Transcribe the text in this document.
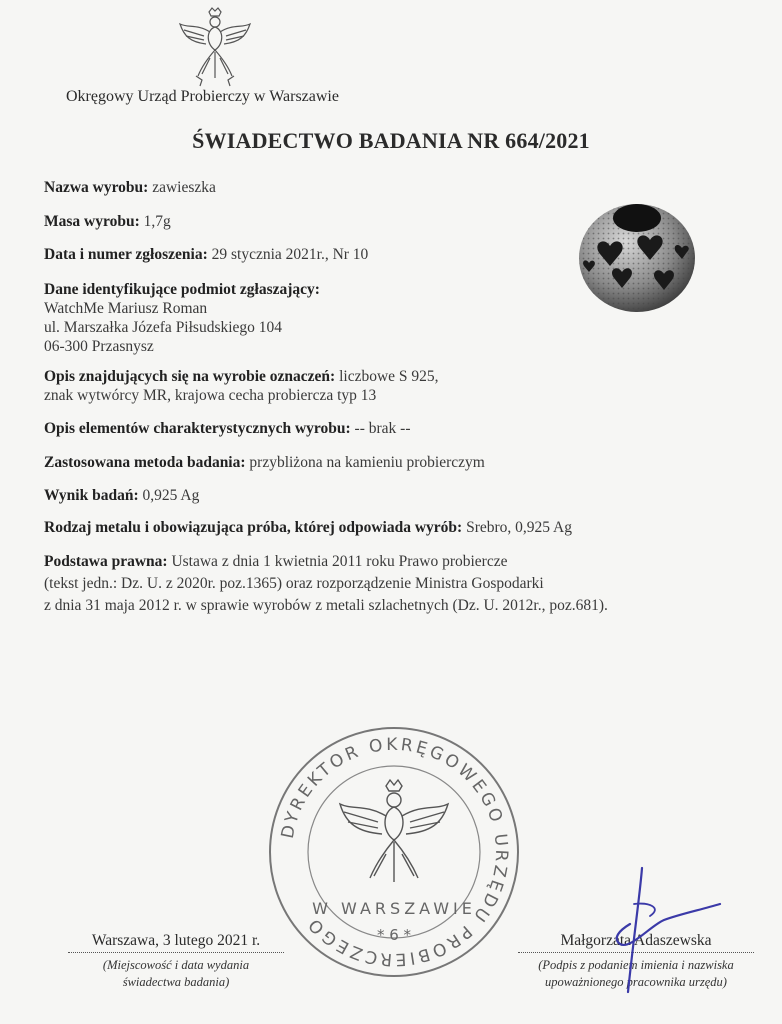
Okręgowy Urząd Probierczy w Warszawie
ŚWIADECTWO BADANIA NR 664/2021
Nazwa wyrobu: zawieszka
Masa wyrobu: 1,7g
Data i numer zgłoszenia: 29 stycznia 2021r., Nr 10
Dane identyfikujące podmiot zgłaszający:
WatchMe Mariusz Roman
ul. Marszałka Józefa Piłsudskiego 104
06-300 Przasnysz
Opis znajdujących się na wyrobie oznaczeń: liczbowe S 925,
znak wytwórcy MR, krajowa cecha probiercza typ 13
Opis elementów charakterystycznych wyrobu: -- brak --
Zastosowana metoda badania: przybliżona na kamieniu probierczym
Wynik badań: 0,925 Ag
Rodzaj metalu i obowiązująca próba, której odpowiada wyrób: Srebro, 0,925 Ag
Podstawa prawna: Ustawa z dnia 1 kwietnia 2011 roku Prawo probiercze
(tekst jedn.: Dz. U. z 2020r. poz.1365) oraz rozporządzenie Ministra Gospodarki
z dnia 31 maja 2012 r. w sprawie wyrobów z metali szlachetnych (Dz. U. 2012r., poz.681).
DYREKTOR OKRĘGOWEGO URZĘDU PROBIERCZEGO
W WARSZAWIE
* 6 *
Warszawa, 3 lutego 2021 r.
(Miejscowość i data wydania
świadectwa badania)
Małgorzata Adaszewska
(Podpis z podaniem imienia i nazwiska
upoważnionego pracownika urzędu)
